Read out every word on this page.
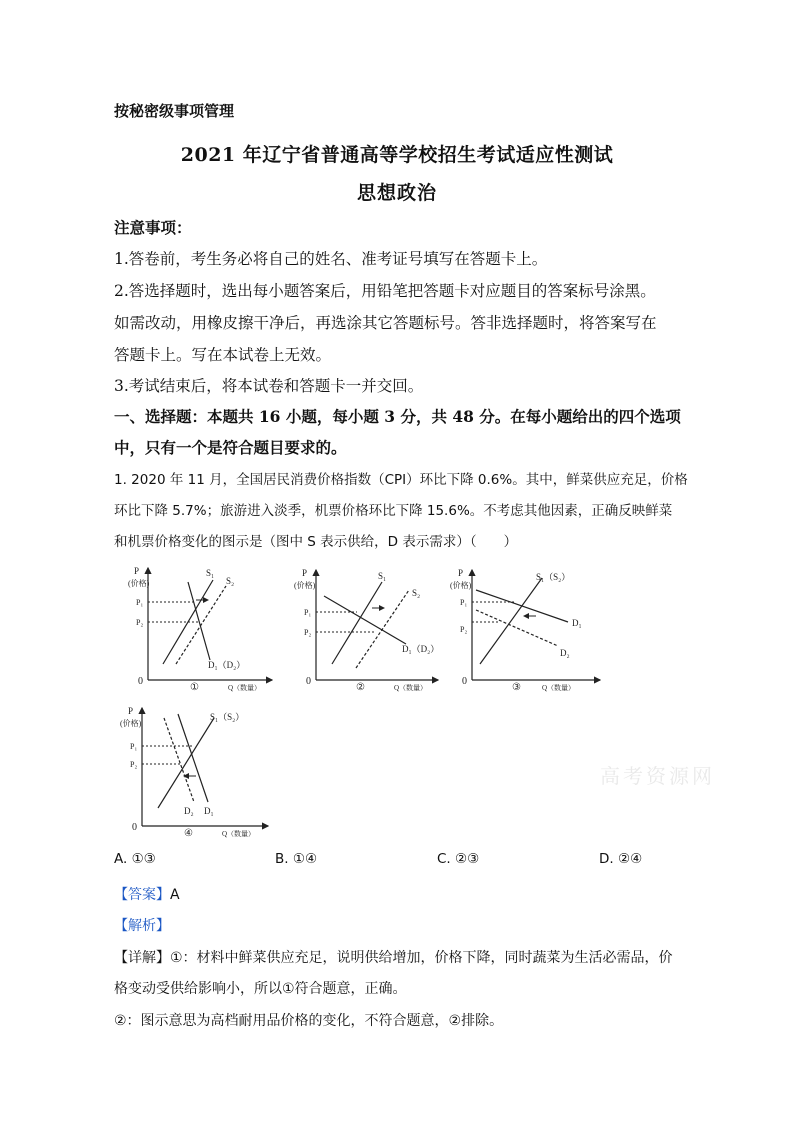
按秘密级事项管理
2021 年辽宁省普通高等学校招生考试适应性测试
思想政治
注意事项：
1.答卷前，考生务必将自己的姓名、准考证号填写在答题卡上。
2.答选择题时，选出每小题答案后，用铅笔把答题卡对应题目的答案标号涂黑。
如需改动，用橡皮擦干净后，再选涂其它答题标号。答非选择题时，将答案写在
答题卡上。写在本试卷上无效。
3.考试结束后，将本试卷和答题卡一并交回。
一、选择题：本题共 16 小题，每小题 3 分，共 48 分。在每小题给出的四个选项
中，只有一个是符合题目要求的。
1. 2020 年 11 月，全国居民消费价格指数（CPI）环比下降 0.6%。其中，鲜菜供应充足，价格
环比下降 5.7%；旅游进入淡季，机票价格环比下降 15.6%。不考虑其他因素，正确反映鲜菜
和机票价格变化的图示是（图中 S 表示供给，D 表示需求）（　　）
P
(价格)
0
P₁
P₂
S₁
S₂
D₁（D₂）
①	Q（数量）
P
(价格)
0
P₁
P₂
S₁
S₂
D₁（D₂）
②	Q（数量）
P
(价格)
0
P₁
P₂
S₁（S₂）
D₁
D₂
③	Q（数量）
P
(价格)
0
P₁
P₂
S₁（S₂）
D₁
D₂
④	Q（数量）
高考资源网
A. ①③	B. ①④	C. ②③	D. ②④
【答案】A
【解析】
【详解】①：材料中鲜菜供应充足，说明供给增加，价格下降，同时蔬菜为生活必需品，价
格变动受供给影响小，所以①符合题意，正确。
②：图示意思为高档耐用品价格的变化，不符合题意，②排除。
